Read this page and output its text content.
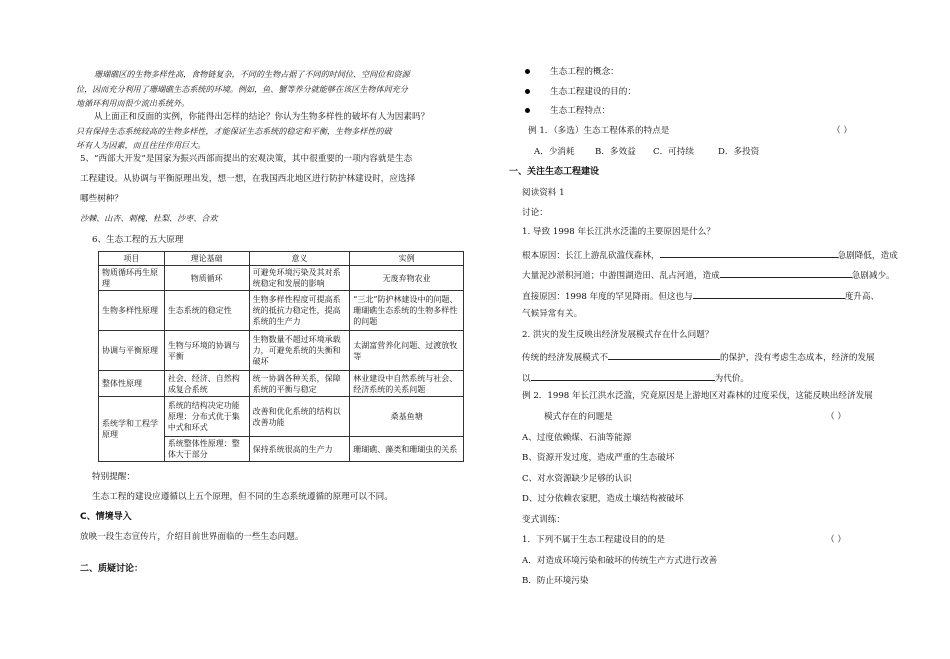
珊瑚礁区的生物多样性高，食物链复杂，不同的生物占据了不同的时间位、空间位和资源
位，因而充分利用了珊瑚礁生态系统的环境。例如，鱼、蟹等养分就能够在该区生物体间充分
地循环利用而很少流出系统外。
从上面正和反面的实例，你能得出怎样的结论？你认为生物多样性的破坏有人为因素吗？
只有保持生态系统较高的生物多样性，才能保证生态系统的稳定和平衡，生物多样性的破
坏有人为因素，而且往往作用巨大。
5、“西部大开发”是国家为振兴西部而提出的宏观决策，其中很重要的一项内容就是生态
工程建设。从协调与平衡原理出发，想一想，在我国西北地区进行防护林建设时，应选择
哪些树种？
沙棘、山杏、刺槐、杜梨、沙枣、合欢
6、生态工程的五大原理
项目	理论基础	意义	实例
物质循环再生原理	物质循环	可避免环境污染及其对系统稳定和发展的影响	无废弃物农业
生物多样性原理	生态系统的稳定性	生物多样性程度可提高系统的抵抗力稳定性，提高系统的生产力	“三北”防护林建设中的问题、珊瑚礁生态系统的生物多样性的问题
协调与平衡原理	生物与环境的协调与平衡	生物数量不超过环境承载力，可避免系统的失衡和破坏	太湖富营养化问题、过渡放牧等
整体性原理	社会、经济、自然构成复合系统	统一协调各种关系，保障系统的平衡与稳定	林业建设中自然系统与社会、经济系统的关系问题
系统学和工程学原理	系统的结构决定功能原理：分布式优于集中式和环式	改善和优化系统的结构以改善功能	桑基鱼塘
	系统整体性原理：整体大于部分	保持系统很高的生产力	珊瑚礁、藻类和珊瑚虫的关系
特别提醒：
生态工程的建设应遵循以上五个原理，但不同的生态系统遵循的原理可以不同。
C、情境导入
放映一段生态宣传片，介绍目前世界面临的一些生态问题。
二、质疑讨论：
生态工程的概念：
生态工程建设的目的：
生态工程特点：
例 1．（多选）生态工程体系的特点是	（ ）
A．少消耗 B．多效益 C．可持续	D．多投资
一、关注生态工程建设
阅读资料 1
讨论：
1. 导致 1998 年长江洪水泛滥的主要原因是什么？
根本原因：长江上游乱砍滥伐森林，	急剧降低，造成
大量泥沙淤积河道；中游围湖造田、乱占河道，造成	急剧减少。
直接原因：1998 年度的罕见降雨。但这也与	度升高、
气候异常有关。
2. 洪灾的发生反映出经济发展模式存在什么问题？
传统的经济发展模式不	的保护，没有考虑生态成本，经济的发展
以	为代价。
例 2．1998 年长江洪水泛滥，究竟原因是上游地区对森林的过度采伐，这能反映出经济发展
模式存在的问题是	（ ）
A、过度依赖煤、石油等能源
B、资源开发过度，造成严重的生态破坏
C、对水资源缺少足够的认识
D、过分依赖农家肥，造成土壤结构被破坏
变式训练：
1．下列不属于生态工程建设目的的是	（ ）
A．对造成环境污染和破坏的传统生产方式进行改善
B．防止环境污染
